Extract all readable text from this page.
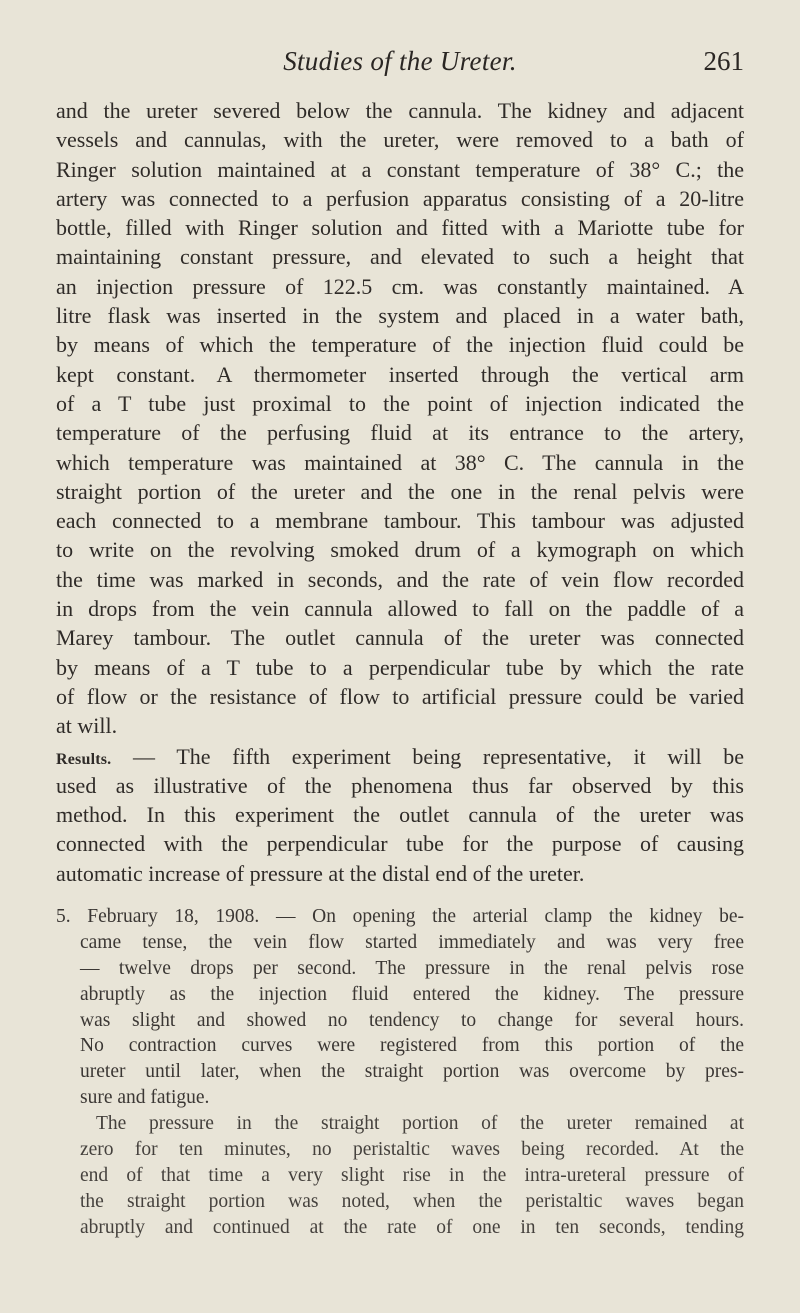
Studies of the Ureter.	261
and the ureter severed below the cannula. The kidney and adjacent
vessels and cannulas, with the ureter, were removed to a bath of
Ringer solution maintained at a constant temperature of 38° C.; the
artery was connected to a perfusion apparatus consisting of a 20-litre
bottle, filled with Ringer solution and fitted with a Mariotte tube for
maintaining constant pressure, and elevated to such a height that
an injection pressure of 122.5 cm. was constantly maintained. A
litre flask was inserted in the system and placed in a water bath,
by means of which the temperature of the injection fluid could be
kept constant. A thermometer inserted through the vertical arm
of a T tube just proximal to the point of injection indicated the
temperature of the perfusing fluid at its entrance to the artery,
which temperature was maintained at 38° C. The cannula in the
straight portion of the ureter and the one in the renal pelvis were
each connected to a membrane tambour. This tambour was adjusted
to write on the revolving smoked drum of a kymograph on which
the time was marked in seconds, and the rate of vein flow recorded
in drops from the vein cannula allowed to fall on the paddle of a
Marey tambour. The outlet cannula of the ureter was connected
by means of a T tube to a perpendicular tube by which the rate
of flow or the resistance of flow to artificial pressure could be varied
at will.
Results. — The fifth experiment being representative, it will be
used as illustrative of the phenomena thus far observed by this
method. In this experiment the outlet cannula of the ureter was
connected with the perpendicular tube for the purpose of causing
automatic increase of pressure at the distal end of the ureter.
5. February 18, 1908. — On opening the arterial clamp the kidney be-
came tense, the vein flow started immediately and was very free
— twelve drops per second. The pressure in the renal pelvis rose
abruptly as the injection fluid entered the kidney. The pressure
was slight and showed no tendency to change for several hours.
No contraction curves were registered from this portion of the
ureter until later, when the straight portion was overcome by pres-
sure and fatigue.
The pressure in the straight portion of the ureter remained at
zero for ten minutes, no peristaltic waves being recorded. At the
end of that time a very slight rise in the intra-ureteral pressure of
the straight portion was noted, when the peristaltic waves began
abruptly and continued at the rate of one in ten seconds, tending
